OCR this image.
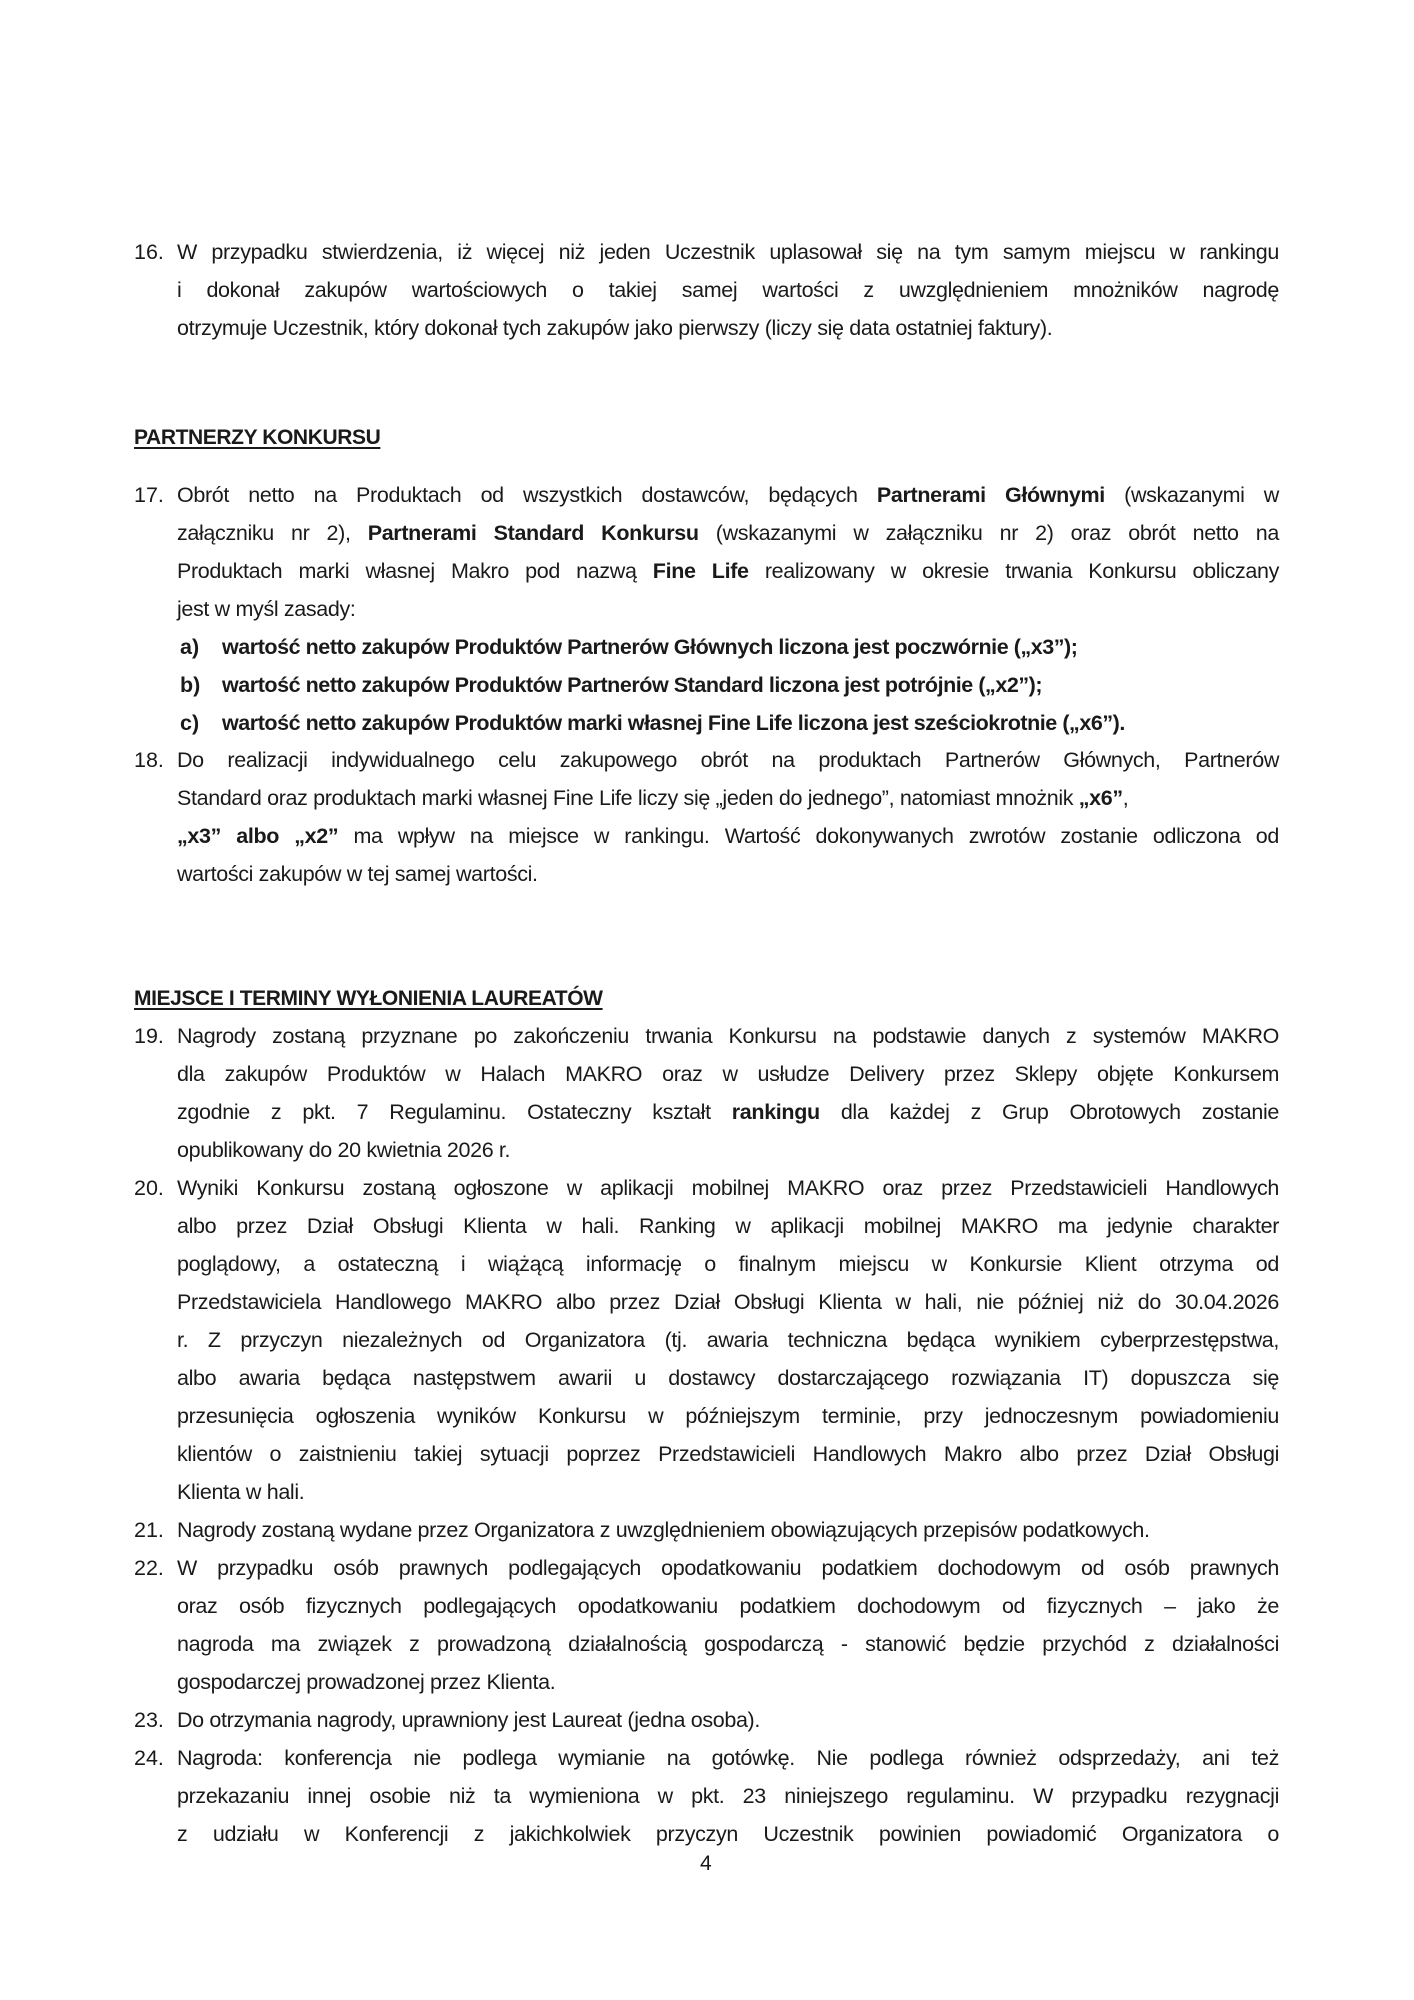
16. W przypadku stwierdzenia, iż więcej niż jeden Uczestnik uplasował się na tym samym miejscu w rankingu
i dokonał zakupów wartościowych o takiej samej wartości z uwzględnieniem mnożników nagrodę
otrzymuje Uczestnik, który dokonał tych zakupów jako pierwszy (liczy się data ostatniej faktury).
PARTNERZY KONKURSU
17. Obrót netto na Produktach od wszystkich dostawców, będących Partnerami Głównymi (wskazanymi w
załączniku nr 2), Partnerami Standard Konkursu (wskazanymi w załączniku nr 2) oraz obrót netto na
Produktach marki własnej Makro pod nazwą Fine Life realizowany w okresie trwania Konkursu obliczany
jest w myśl zasady:
a) wartość netto zakupów Produktów Partnerów Głównych liczona jest poczwórnie („x3”);
b) wartość netto zakupów Produktów Partnerów Standard liczona jest potrójnie („x2”);
c) wartość netto zakupów Produktów marki własnej Fine Life liczona jest sześciokrotnie („x6”).
18. Do realizacji indywidualnego celu zakupowego obrót na produktach Partnerów Głównych, Partnerów
Standard oraz produktach marki własnej Fine Life liczy się „jeden do jednego”, natomiast mnożnik „x6”,
„x3” albo „x2” ma wpływ na miejsce w rankingu. Wartość dokonywanych zwrotów zostanie odliczona od
wartości zakupów w tej samej wartości.
MIEJSCE I TERMINY WYŁONIENIA LAUREATÓW
19. Nagrody zostaną przyznane po zakończeniu trwania Konkursu na podstawie danych z systemów MAKRO
dla zakupów Produktów w Halach MAKRO oraz w usłudze Delivery przez Sklepy objęte Konkursem
zgodnie z pkt. 7 Regulaminu. Ostateczny kształt rankingu dla każdej z Grup Obrotowych zostanie
opublikowany do 20 kwietnia 2026 r.
20. Wyniki Konkursu zostaną ogłoszone w aplikacji mobilnej MAKRO oraz przez Przedstawicieli Handlowych
albo przez Dział Obsługi Klienta w hali. Ranking w aplikacji mobilnej MAKRO ma jedynie charakter
poglądowy, a ostateczną i wiążącą informację o finalnym miejscu w Konkursie Klient otrzyma od
Przedstawiciela Handlowego MAKRO albo przez Dział Obsługi Klienta w hali, nie później niż do 30.04.2026
r. Z przyczyn niezależnych od Organizatora (tj. awaria techniczna będąca wynikiem cyberprzestępstwa,
albo awaria będąca następstwem awarii u dostawcy dostarczającego rozwiązania IT) dopuszcza się
przesunięcia ogłoszenia wyników Konkursu w późniejszym terminie, przy jednoczesnym powiadomieniu
klientów o zaistnieniu takiej sytuacji poprzez Przedstawicieli Handlowych Makro albo przez Dział Obsługi
Klienta w hali.
21. Nagrody zostaną wydane przez Organizatora z uwzględnieniem obowiązujących przepisów podatkowych.
22. W przypadku osób prawnych podlegających opodatkowaniu podatkiem dochodowym od osób prawnych
oraz osób fizycznych podlegających opodatkowaniu podatkiem dochodowym od fizycznych – jako że
nagroda ma związek z prowadzoną działalnością gospodarczą - stanowić będzie przychód z działalności
gospodarczej prowadzonej przez Klienta.
23. Do otrzymania nagrody, uprawniony jest Laureat (jedna osoba).
24. Nagroda: konferencja nie podlega wymianie na gotówkę. Nie podlega również odsprzedaży, ani też
przekazaniu innej osobie niż ta wymieniona w pkt. 23 niniejszego regulaminu. W przypadku rezygnacji
z udziału w Konferencji z jakichkolwiek przyczyn Uczestnik powinien powiadomić Organizatora o
4
